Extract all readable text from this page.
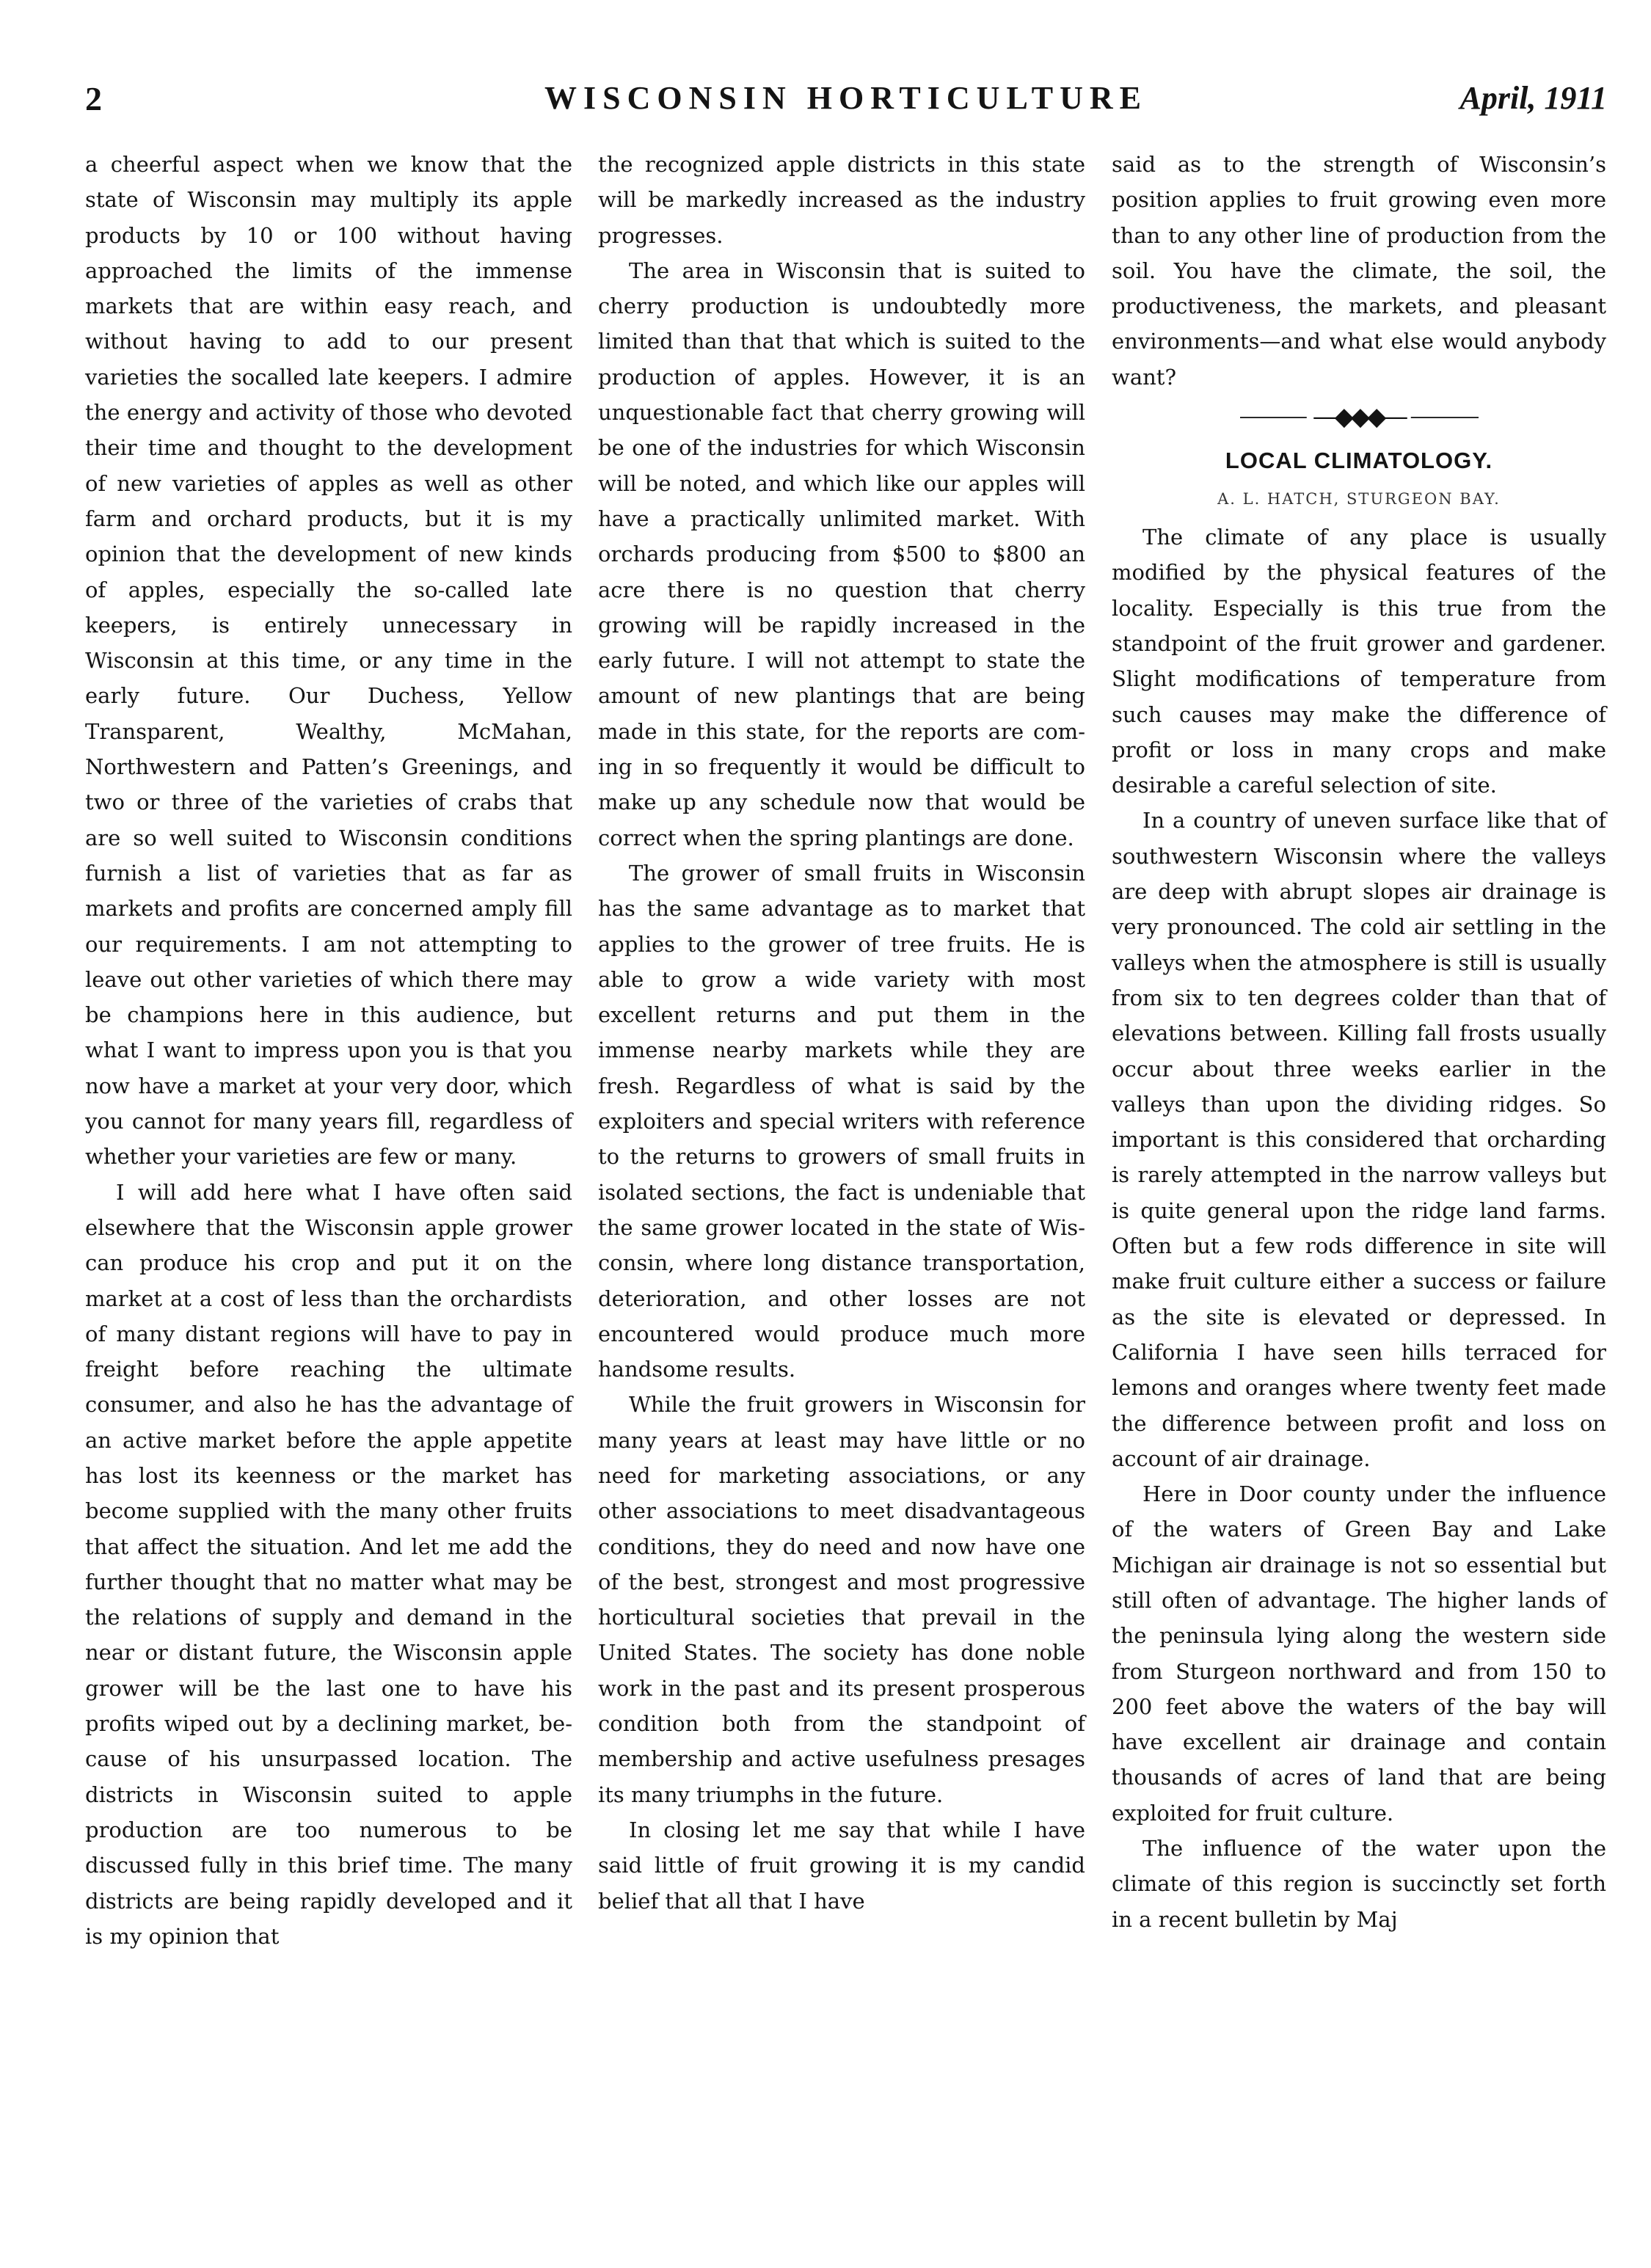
2	WISCONSIN HORTICULTURE	April, 1911

a cheerful aspect when we know that the state of Wisconsin may multiply its apple products by 10 or 100 without having approached the limits of the immense markets that are within easy reach, and without having to add to our present varieties the socalled late keepers. I admire the energy and activity of those who devoted their time and thought to the development of new varieties of apples as well as other farm and orchard products, but it is my opinion that the development of new kinds of apples, especially the so-called late keepers, is entirely unnecessary in Wisconsin at this time, or any time in the early future. Our Duchess, Yellow Transparent, Wealthy, McMahan, Northwestern and Patten’s Greenings, and two or three of the varieties of crabs that are so well suited to Wisconsin conditions furnish a list of varieties that as far as markets and profits are concerned amply fill our requirements. I am not attempting to leave out other varieties of which there may be champions here in this audience, but what I want to impress upon you is that you now have a market at your very door, which you cannot for many years fill, regardless of whether your varieties are few or many.

I will add here what I have often said elsewhere that the Wisconsin apple grower can produce his crop and put it on the market at a cost of less than the orchardists of many distant regions will have to pay in freight before reaching the ultimate consumer, and also he has the advantage of an active market before the apple appetite has lost its keenness or the market has become supplied with the many other fruits that affect the situation. And let me add the further thought that no matter what may be the relations of supply and demand in the near or distant future, the Wisconsin apple grower will be the last one to have his profits wiped out by a declining market, because of his unsurpassed location. The districts in Wisconsin suited to apple production are too numerous to be discussed fully in this brief time. The many districts are being rapidly developed and it is my opinion that

the recognized apple districts in this state will be markedly increased as the industry progresses.

The area in Wisconsin that is suited to cherry production is undoubtedly more limited than that that which is suited to the production of apples. However, it is an unquestionable fact that cherry growing will be one of the industries for which Wisconsin will be noted, and which like our apples will have a practically unlimited market. With orchards producing from $500 to $800 an acre there is no question that cherry growing will be rapidly increased in the early future. I will not attempt to state the amount of new plantings that are being made in this state, for the reports are coming in so frequently it would be difficult to make up any schedule now that would be correct when the spring plantings are done.

The grower of small fruits in Wisconsin has the same advantage as to market that applies to the grower of tree fruits. He is able to grow a wide variety with most excellent returns and put them in the immense nearby markets while they are fresh. Regardless of what is said by the exploiters and special writers with reference to the returns to growers of small fruits in isolated sections, the fact is undeniable that the same grower located in the state of Wisconsin, where long distance transportation, deterioration, and other losses are not encountered would produce much more handsome results.

While the fruit growers in Wisconsin for many years at least may have little or no need for marketing associations, or any other associations to meet disadvantageous conditions, they do need and now have one of the best, strongest and most progressive horticultural societies that prevail in the United States. The society has done noble work in the past and its present prosperous condition both from the standpoint of membership and active usefulness presages its many triumphs in the future.

In closing let me say that while I have said little of fruit growing it is my candid belief that all that I have

said as to the strength of Wisconsin’s position applies to fruit growing even more than to any other line of production from the soil. You have the climate, the soil, the productiveness, the markets, and pleasant environments—and what else would anybody want?

—◆◆◆—
LOCAL CLIMATOLOGY.
A. L. HATCH, STURGEON BAY.

The climate of any place is usually modified by the physical features of the locality. Especially is this true from the standpoint of the fruit grower and gardener. Slight modifications of temperature from such causes may make the difference of profit or loss in many crops and make desirable a careful selection of site.

In a country of uneven surface like that of southwestern Wisconsin where the valleys are deep with abrupt slopes air drainage is very pronounced. The cold air settling in the valleys when the atmosphere is still is usually from six to ten degrees colder than that of elevations between. Killing fall frosts usually occur about three weeks earlier in the valleys than upon the dividing ridges. So important is this considered that orcharding is rarely attempted in the narrow valleys but is quite general upon the ridge land farms. Often but a few rods difference in site will make fruit culture either a success or failure as the site is elevated or depressed. In California I have seen hills terraced for lemons and oranges where twenty feet made the difference between profit and loss on account of air drainage.

Here in Door county under the influence of the waters of Green Bay and Lake Michigan air drainage is not so essential but still often of advantage. The higher lands of the peninsula lying along the western side from Sturgeon northward and from 150 to 200 feet above the waters of the bay will have excellent air drainage and contain thousands of acres of land that are being exploited for fruit culture.

The influence of the water upon the climate of this region is succinctly set forth in a recent bulletin by Maj
